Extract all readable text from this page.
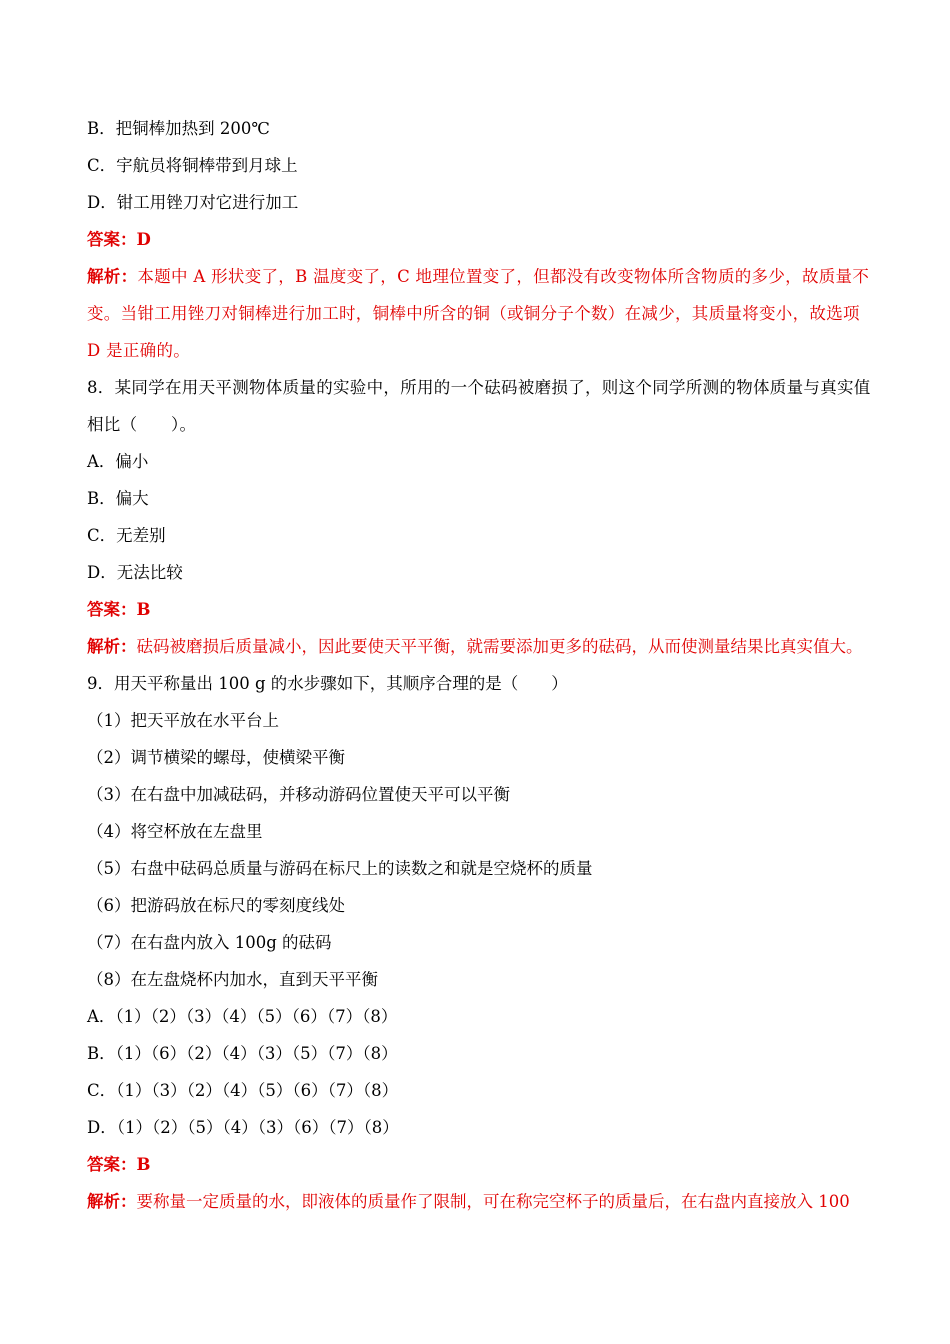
B．把铜棒加热到 200℃
C．宇航员将铜棒带到月球上
D．钳工用锉刀对它进行加工
答案：D
解析：本题中 A 形状变了，B 温度变了，C 地理位置变了，但都没有改变物体所含物质的多少，故质量不变。当钳工用锉刀对铜棒进行加工时，铜棒中所含的铜（或铜分子个数）在减少，其质量将变小，故选项 D 是正确的。
8．某同学在用天平测物体质量的实验中，所用的一个砝码被磨损了，则这个同学所测的物体质量与真实值相比（　　）。
A．偏小
B．偏大
C．无差别
D．无法比较
答案：B
解析：砝码被磨损后质量减小，因此要使天平平衡，就需要添加更多的砝码，从而使测量结果比真实值大。
9．用天平称量出 100 g 的水步骤如下，其顺序合理的是（　　）
（1）把天平放在水平台上
（2）调节横梁的螺母，使横梁平衡
（3）在右盘中加减砝码，并移动游码位置使天平可以平衡
（4）将空杯放在左盘里
（5）右盘中砝码总质量与游码在标尺上的读数之和就是空烧杯的质量
（6）把游码放在标尺的零刻度线处
（7）在右盘内放入 100g 的砝码
（8）在左盘烧杯内加水，直到天平平衡
A．（1）（2）（3）（4）（5）（6）（7）（8）
B．（1）（6）（2）（4）（3）（5）（7）（8）
C．（1）（3）（2）（4）（5）（6）（7）（8）
D．（1）（2）（5）（4）（3）（6）（7）（8）
答案：B
解析：要称量一定质量的水，即液体的质量作了限制，可在称完空杯子的质量后，在右盘内直接放入 100
